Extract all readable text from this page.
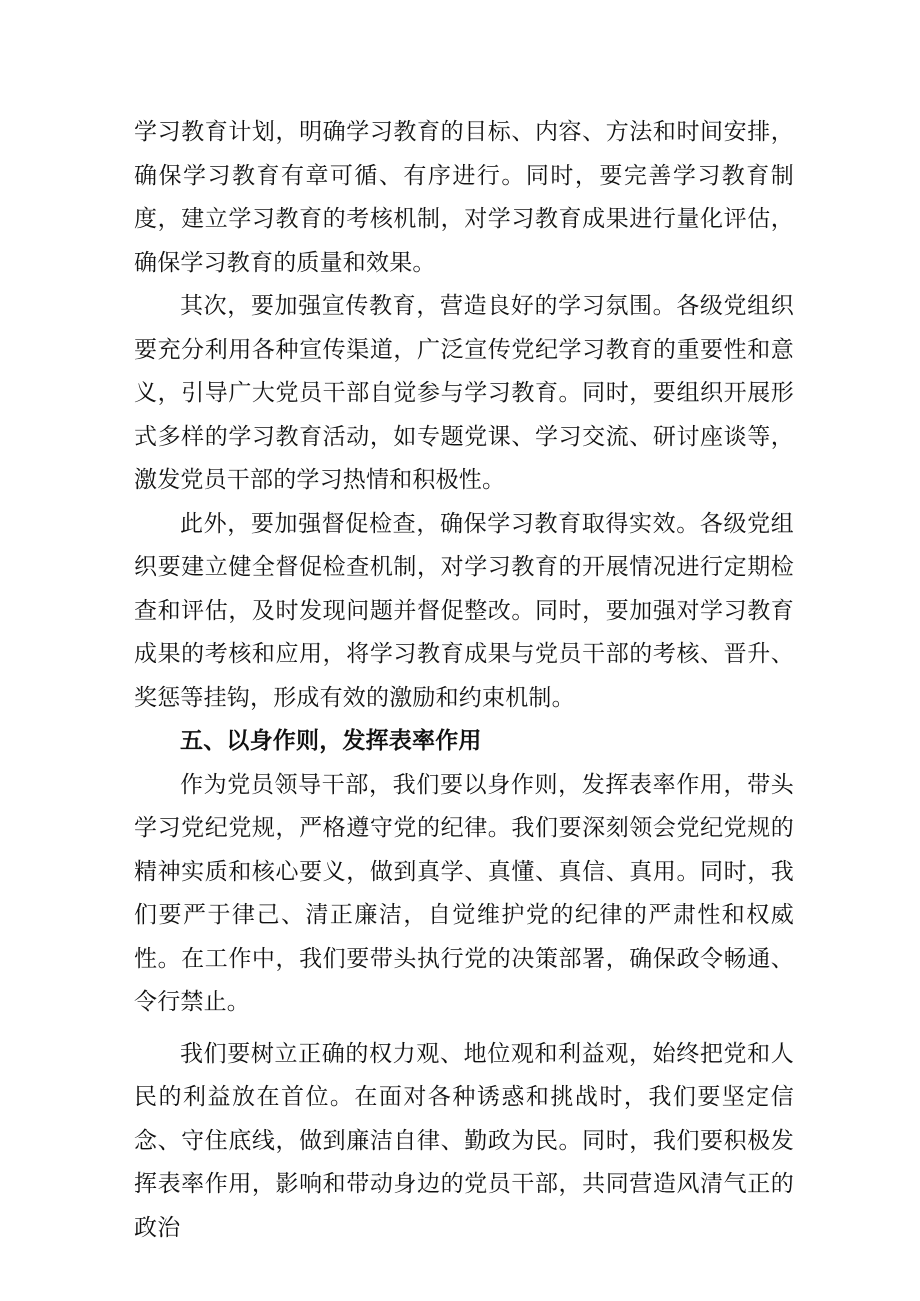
学习教育计划，明确学习教育的目标、内容、方法和时间安排，确保学习教育有章可循、有序进行。同时，要完善学习教育制度，建立学习教育的考核机制，对学习教育成果进行量化评估，确保学习教育的质量和效果。

其次，要加强宣传教育，营造良好的学习氛围。各级党组织要充分利用各种宣传渠道，广泛宣传党纪学习教育的重要性和意义，引导广大党员干部自觉参与学习教育。同时，要组织开展形式多样的学习教育活动，如专题党课、学习交流、研讨座谈等，激发党员干部的学习热情和积极性。

此外，要加强督促检查，确保学习教育取得实效。各级党组织要建立健全督促检查机制，对学习教育的开展情况进行定期检查和评估，及时发现问题并督促整改。同时，要加强对学习教育成果的考核和应用，将学习教育成果与党员干部的考核、晋升、奖惩等挂钩，形成有效的激励和约束机制。

五、以身作则，发挥表率作用

作为党员领导干部，我们要以身作则，发挥表率作用，带头学习党纪党规，严格遵守党的纪律。我们要深刻领会党纪党规的精神实质和核心要义，做到真学、真懂、真信、真用。同时，我们要严于律己、清正廉洁，自觉维护党的纪律的严肃性和权威性。在工作中，我们要带头执行党的决策部署，确保政令畅通、令行禁止。

我们要树立正确的权力观、地位观和利益观，始终把党和人民的利益放在首位。在面对各种诱惑和挑战时，我们要坚定信念、守住底线，做到廉洁自律、勤政为民。同时，我们要积极发挥表率作用，影响和带动身边的党员干部，共同营造风清气正的政治
